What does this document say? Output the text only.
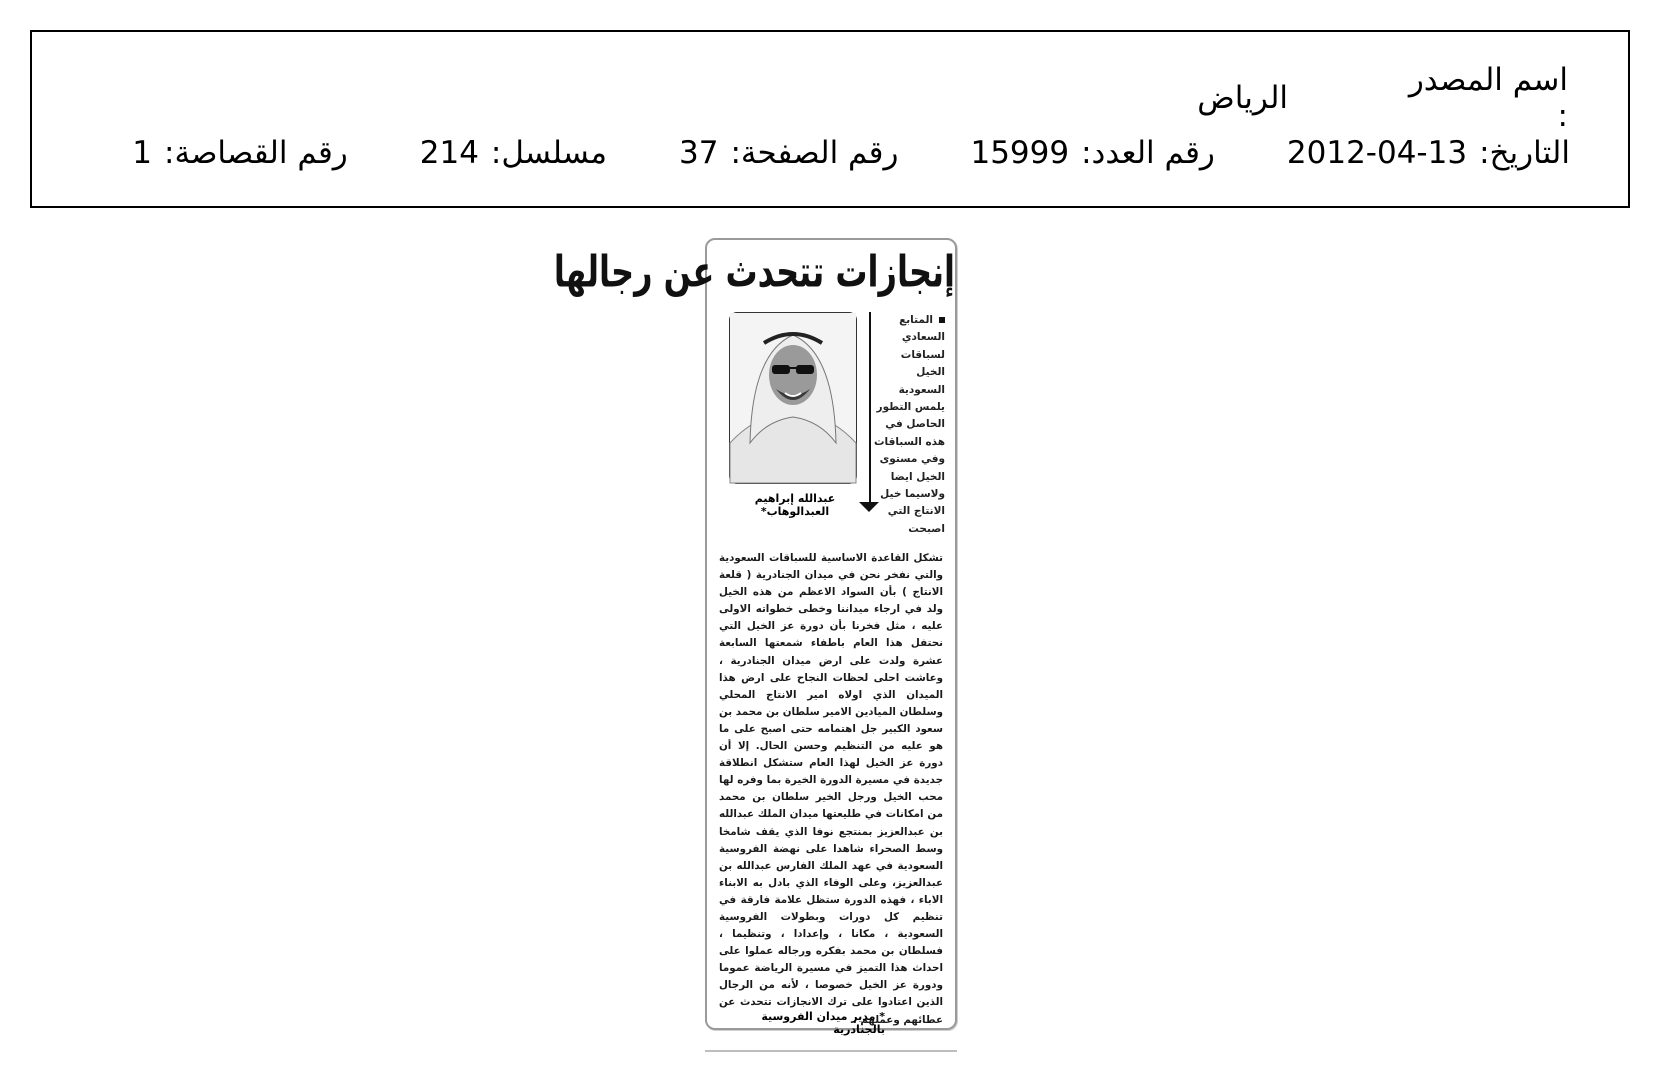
اسم المصدر :
الرياض
التاريخ:
2012-04-13
رقم العدد:
15999
رقم الصفحة:
37
مسلسل:
214
رقم القصاصة:
1
إنجازات تتحدث عن رجالها
المتابع السعادي لسباقات الخيل السعودية يلمس التطور الحاصل في هذه السباقات وفي مستوى الخيل ايضا ولاسيما خيل الانتاج التي اصبحت
عبدالله إبراهيم العبدالوهاب*
تشكل القاعدة الاساسية للسباقات السعودية والتي نفخر نحن في ميدان الجنادرية ( قلعة الانتاج ) بأن السواد الاعظم من هذه الخيل ولد في ارجاء ميداننا وخطى خطواته الاولى عليه ، مثل فخرنا بأن دورة عز الخيل التي نحتفل هذا العام باطفاء شمعتها السابعة عشرة ولدت على ارض ميدان الجنادرية ، وعاشت احلى لحظات النجاح على ارض هذا الميدان الذي اولاه امير الانتاج المحلي وسلطان الميادين الامير سلطان بن محمد بن سعود الكبير جل اهتمامه حتى اصبح على ما هو عليه من التنظيم وحسن الحال. إلا أن دورة عز الخيل لهذا العام ستشكل انطلاقة جديدة في مسيرة الدورة الخيرة بما وفره لها محب الخيل ورجل الخير سلطان بن محمد من امكانات في طليعتها ميدان الملك عبدالله بن عبدالعزيز بمنتجع نوفا الذي يقف شامخا وسط الصحراء شاهدا على نهضة الفروسية السعودية في عهد الملك الفارس عبدالله بن عبدالعزيز، وعلى الوفاء الذي بادل به الابناء الاباء ، فهذه الدورة ستظل علامة فارقة في تنظيم كل دورات وبطولات الفروسية السعودية ، مكانا ، وإعدادا ، وتنظيما ، فسلطان بن محمد بفكره ورجاله عملوا على احداث هذا التميز في مسيرة الرياضة عموما ودورة عز الخيل خصوصا ، لأنه من الرجال الذين اعتادوا على ترك الانجازات تتحدث عن عطائهم وعملهم .
* مدير ميدان الفروسية بالجنادرية
